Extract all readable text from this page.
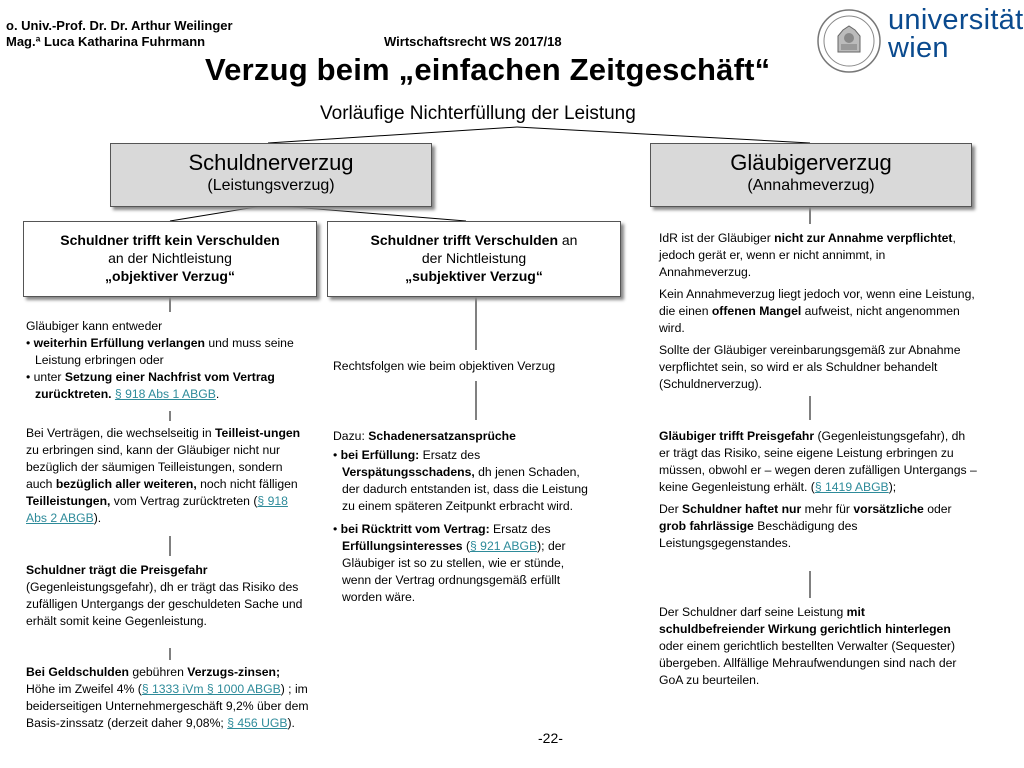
o. Univ.-Prof. Dr. Dr. Arthur Weilinger
Mag.ª Luca Katharina Fuhrmann	Wirtschaftsrecht WS 2017/18
universität
wien
Verzug beim „einfachen Zeitgeschäft“
Vorläufige Nichterfüllung der Leistung
Schuldnerverzug
(Leistungsverzug)
Gläubigerverzug
(Annahmeverzug)
Schuldner trifft kein Verschulden
an der Nichtleistung
„objektiver Verzug“
Schuldner trifft Verschulden an
der Nichtleistung
„subjektiver Verzug“

Gläubiger kann entweder

• weiterhin Erfüllung verlangen und muss seine Leistung erbringen oder

• unter Setzung einer Nachfrist vom Vertrag zurücktreten. § 918 Abs 1 ABGB.

Bei Verträgen, die wechselseitig in Teilleist-ungen zu erbringen sind, kann der Gläubiger nicht nur bezüglich der säumigen Teilleistungen, sondern auch bezüglich aller weiteren, noch nicht fälligen Teilleistungen, vom Vertrag zurücktreten (§ 918 Abs 2 ABGB).

Schuldner trägt die Preisgefahr (Gegenleistungsgefahr), dh er trägt das Risiko des zufälligen Untergangs der geschuldeten Sache und erhält somit keine Gegenleistung.

Bei Geldschulden gebühren Verzugs-zinsen; Höhe im Zweifel 4% (§ 1333 iVm § 1000 ABGB) ; im beiderseitigen Unternehmergeschäft 9,2% über dem Basis-zinssatz (derzeit daher 9,08%; § 456 UGB).

Rechtsfolgen wie beim objektiven Verzug

Dazu: Schadenersatzansprüche

• bei Erfüllung: Ersatz des Verspätungsschadens, dh jenen Schaden, der dadurch entstanden ist, dass die Leistung zu einem späteren Zeitpunkt erbracht wird.

• bei Rücktritt vom Vertrag: Ersatz des Erfüllungsinteresses (§ 921 ABGB); der Gläubiger ist so zu stellen, wie er stünde, wenn der Vertrag ordnungsgemäß erfüllt worden wäre.

IdR ist der Gläubiger nicht zur Annahme verpflichtet, jedoch gerät er, wenn er nicht annimmt, in Annahmeverzug.

Kein Annahmeverzug liegt jedoch vor, wenn eine Leistung, die einen offenen Mangel aufweist, nicht angenommen wird.

Sollte der Gläubiger vereinbarungsgemäß zur Abnahme verpflichtet sein, so wird er als Schuldner behandelt (Schuldnerverzug).

Gläubiger trifft Preisgefahr (Gegenleistungsgefahr), dh er trägt das Risiko, seine eigene Leistung erbringen zu müssen, obwohl er – wegen deren zufälligen Untergangs – keine Gegenleistung erhält. (§ 1419 ABGB);

Der Schuldner haftet nur mehr für vorsätzliche oder grob fahrlässige Beschädigung des Leistungsgegenstandes.

Der Schuldner darf seine Leistung mit schuldbefreiender Wirkung gerichtlich hinterlegen oder einem gerichtlich bestellten Verwalter (Sequester) übergeben. Allfällige Mehraufwendungen sind nach der GoA zu beurteilen.

-22-
